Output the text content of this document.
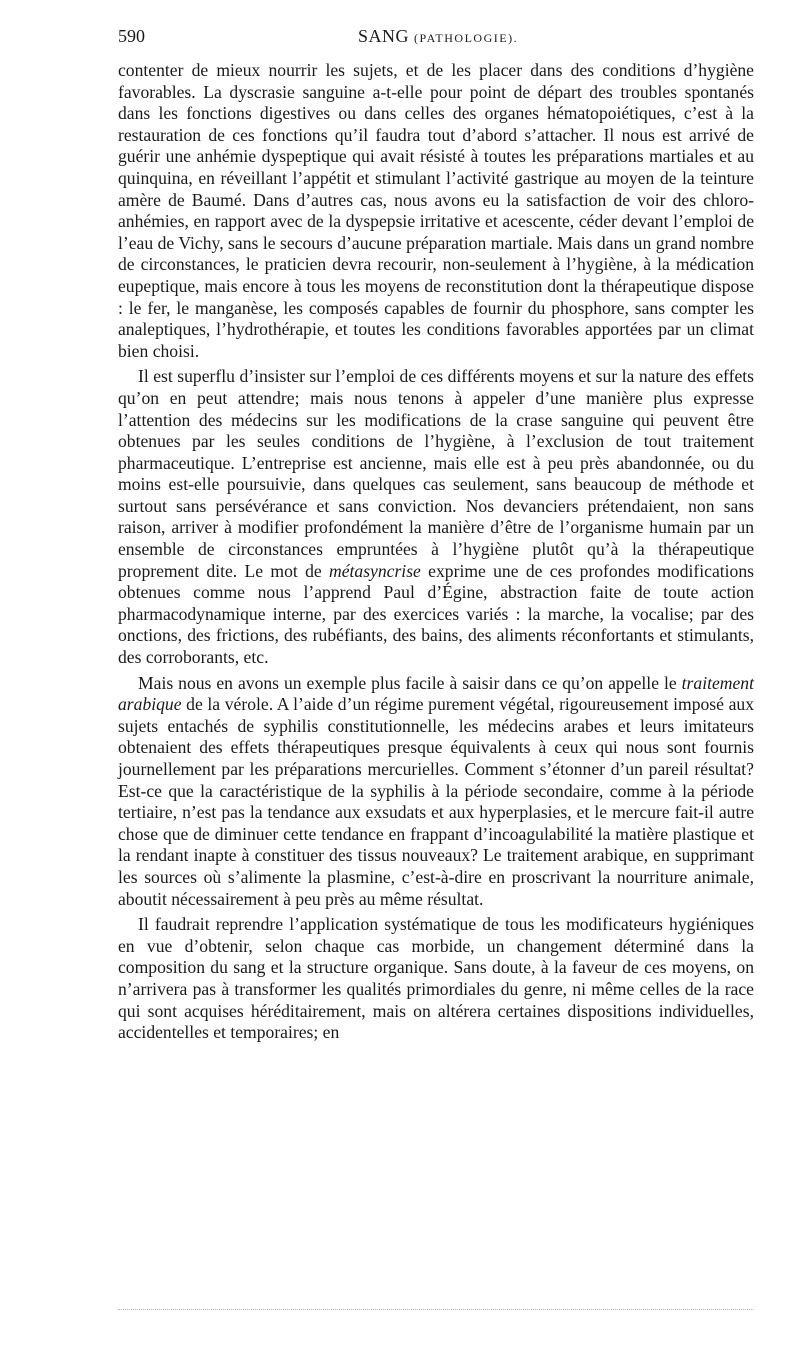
590	SANG (PATHOLOGIE).

contenter de mieux nourrir les sujets, et de les placer dans des conditions d’hygiène favorables. La dyscrasie sanguine a-t-elle pour point de départ des troubles spontanés dans les fonctions digestives ou dans celles des organes hématopoiétiques, c’est à la restauration de ces fonctions qu’il faudra tout d’abord s’attacher. Il nous est arrivé de guérir une anhémie dyspeptique qui avait résisté à toutes les préparations martiales et au quinquina, en réveillant l’appétit et stimulant l’activité gastrique au moyen de la teinture amère de Baumé. Dans d’autres cas, nous avons eu la satisfaction de voir des chloro-anhémies, en rapport avec de la dyspepsie irritative et acescente, céder devant l’emploi de l’eau de Vichy, sans le secours d’aucune préparation martiale. Mais dans un grand nombre de circonstances, le praticien devra recourir, non-seulement à l’hygiène, à la médication eupeptique, mais encore à tous les moyens de reconstitution dont la thérapeutique dispose : le fer, le manganèse, les composés capables de fournir du phosphore, sans compter les analeptiques, l’hydrothérapie, et toutes les conditions favorables apportées par un climat bien choisi.

Il est superflu d’insister sur l’emploi de ces différents moyens et sur la nature des effets qu’on en peut attendre; mais nous tenons à appeler d’une manière plus expresse l’attention des médecins sur les modifications de la crase sanguine qui peuvent être obtenues par les seules conditions de l’hygiène, à l’exclusion de tout traitement pharmaceutique. L’entreprise est ancienne, mais elle est à peu près abandonnée, ou du moins est-elle poursuivie, dans quelques cas seulement, sans beaucoup de méthode et surtout sans persévérance et sans conviction. Nos devanciers prétendaient, non sans raison, arriver à modifier profondément la manière d’être de l’organisme humain par un ensemble de circonstances empruntées à l’hygiène plutôt qu’à la thérapeutique proprement dite. Le mot de métasyncrise exprime une de ces profondes modifications obtenues comme nous l’apprend Paul d’Égine, abstraction faite de toute action pharmacodynamique interne, par des exercices variés : la marche, la vocalise; par des onctions, des frictions, des rubéfiants, des bains, des aliments réconfortants et stimulants, des corroborants, etc.

Mais nous en avons un exemple plus facile à saisir dans ce qu’on appelle le traitement arabique de la vérole. A l’aide d’un régime purement végétal, rigoureusement imposé aux sujets entachés de syphilis constitutionnelle, les médecins arabes et leurs imitateurs obtenaient des effets thérapeutiques presque équivalents à ceux qui nous sont fournis journellement par les préparations mercurielles. Comment s’étonner d’un pareil résultat? Est-ce que la caractéristique de la syphilis à la période secondaire, comme à la période tertiaire, n’est pas la tendance aux exsudats et aux hyperplasies, et le mercure fait-il autre chose que de diminuer cette tendance en frappant d’incoagulabilité la matière plastique et la rendant inapte à constituer des tissus nouveaux? Le traitement arabique, en supprimant les sources où s’alimente la plasmine, c’est-à-dire en proscrivant la nourriture animale, aboutit nécessairement à peu près au même résultat.

Il faudrait reprendre l’application systématique de tous les modificateurs hygiéniques en vue d’obtenir, selon chaque cas morbide, un changement déterminé dans la composition du sang et la structure organique. Sans doute, à la faveur de ces moyens, on n’arrivera pas à transformer les qualités primordiales du genre, ni même celles de la race qui sont acquises héréditairement, mais on altérera certaines dispositions individuelles, accidentelles et temporaires; en
